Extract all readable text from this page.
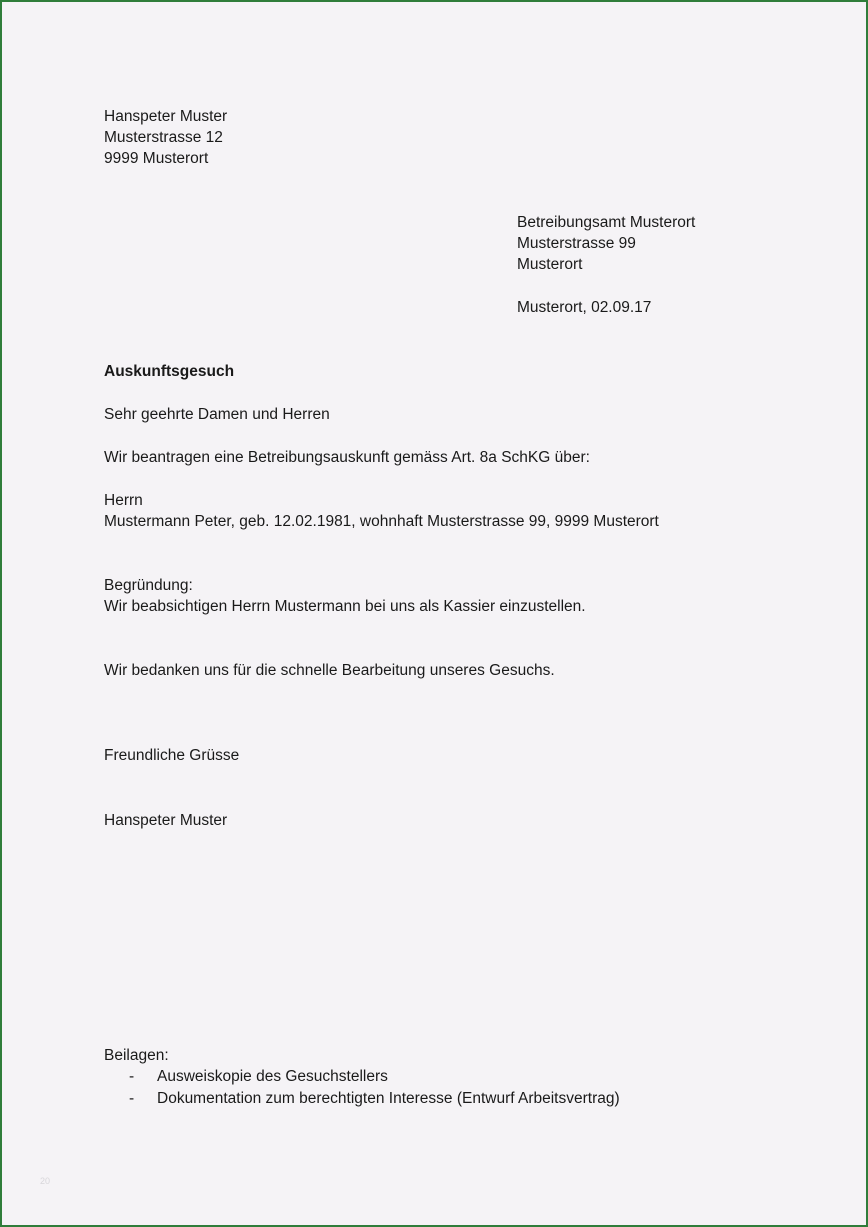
Hanspeter Muster
Musterstrasse 12
9999 Musterort
Betreibungsamt Musterort
Musterstrasse 99
Musterort
Musterort, 02.09.17
Auskunftsgesuch
Sehr geehrte Damen und Herren
Wir beantragen eine Betreibungsauskunft gemäss Art. 8a SchKG über:
Herrn
Mustermann Peter, geb. 12.02.1981, wohnhaft Musterstrasse 99, 9999 Musterort
Begründung:
Wir beabsichtigen Herrn Mustermann bei uns als Kassier einzustellen.
Wir bedanken uns für die schnelle Bearbeitung unseres Gesuchs.
Freundliche Grüsse
Hanspeter Muster
Beilagen:
- Ausweiskopie des Gesuchstellers
- Dokumentation zum berechtigten Interesse (Entwurf Arbeitsvertrag)
20
